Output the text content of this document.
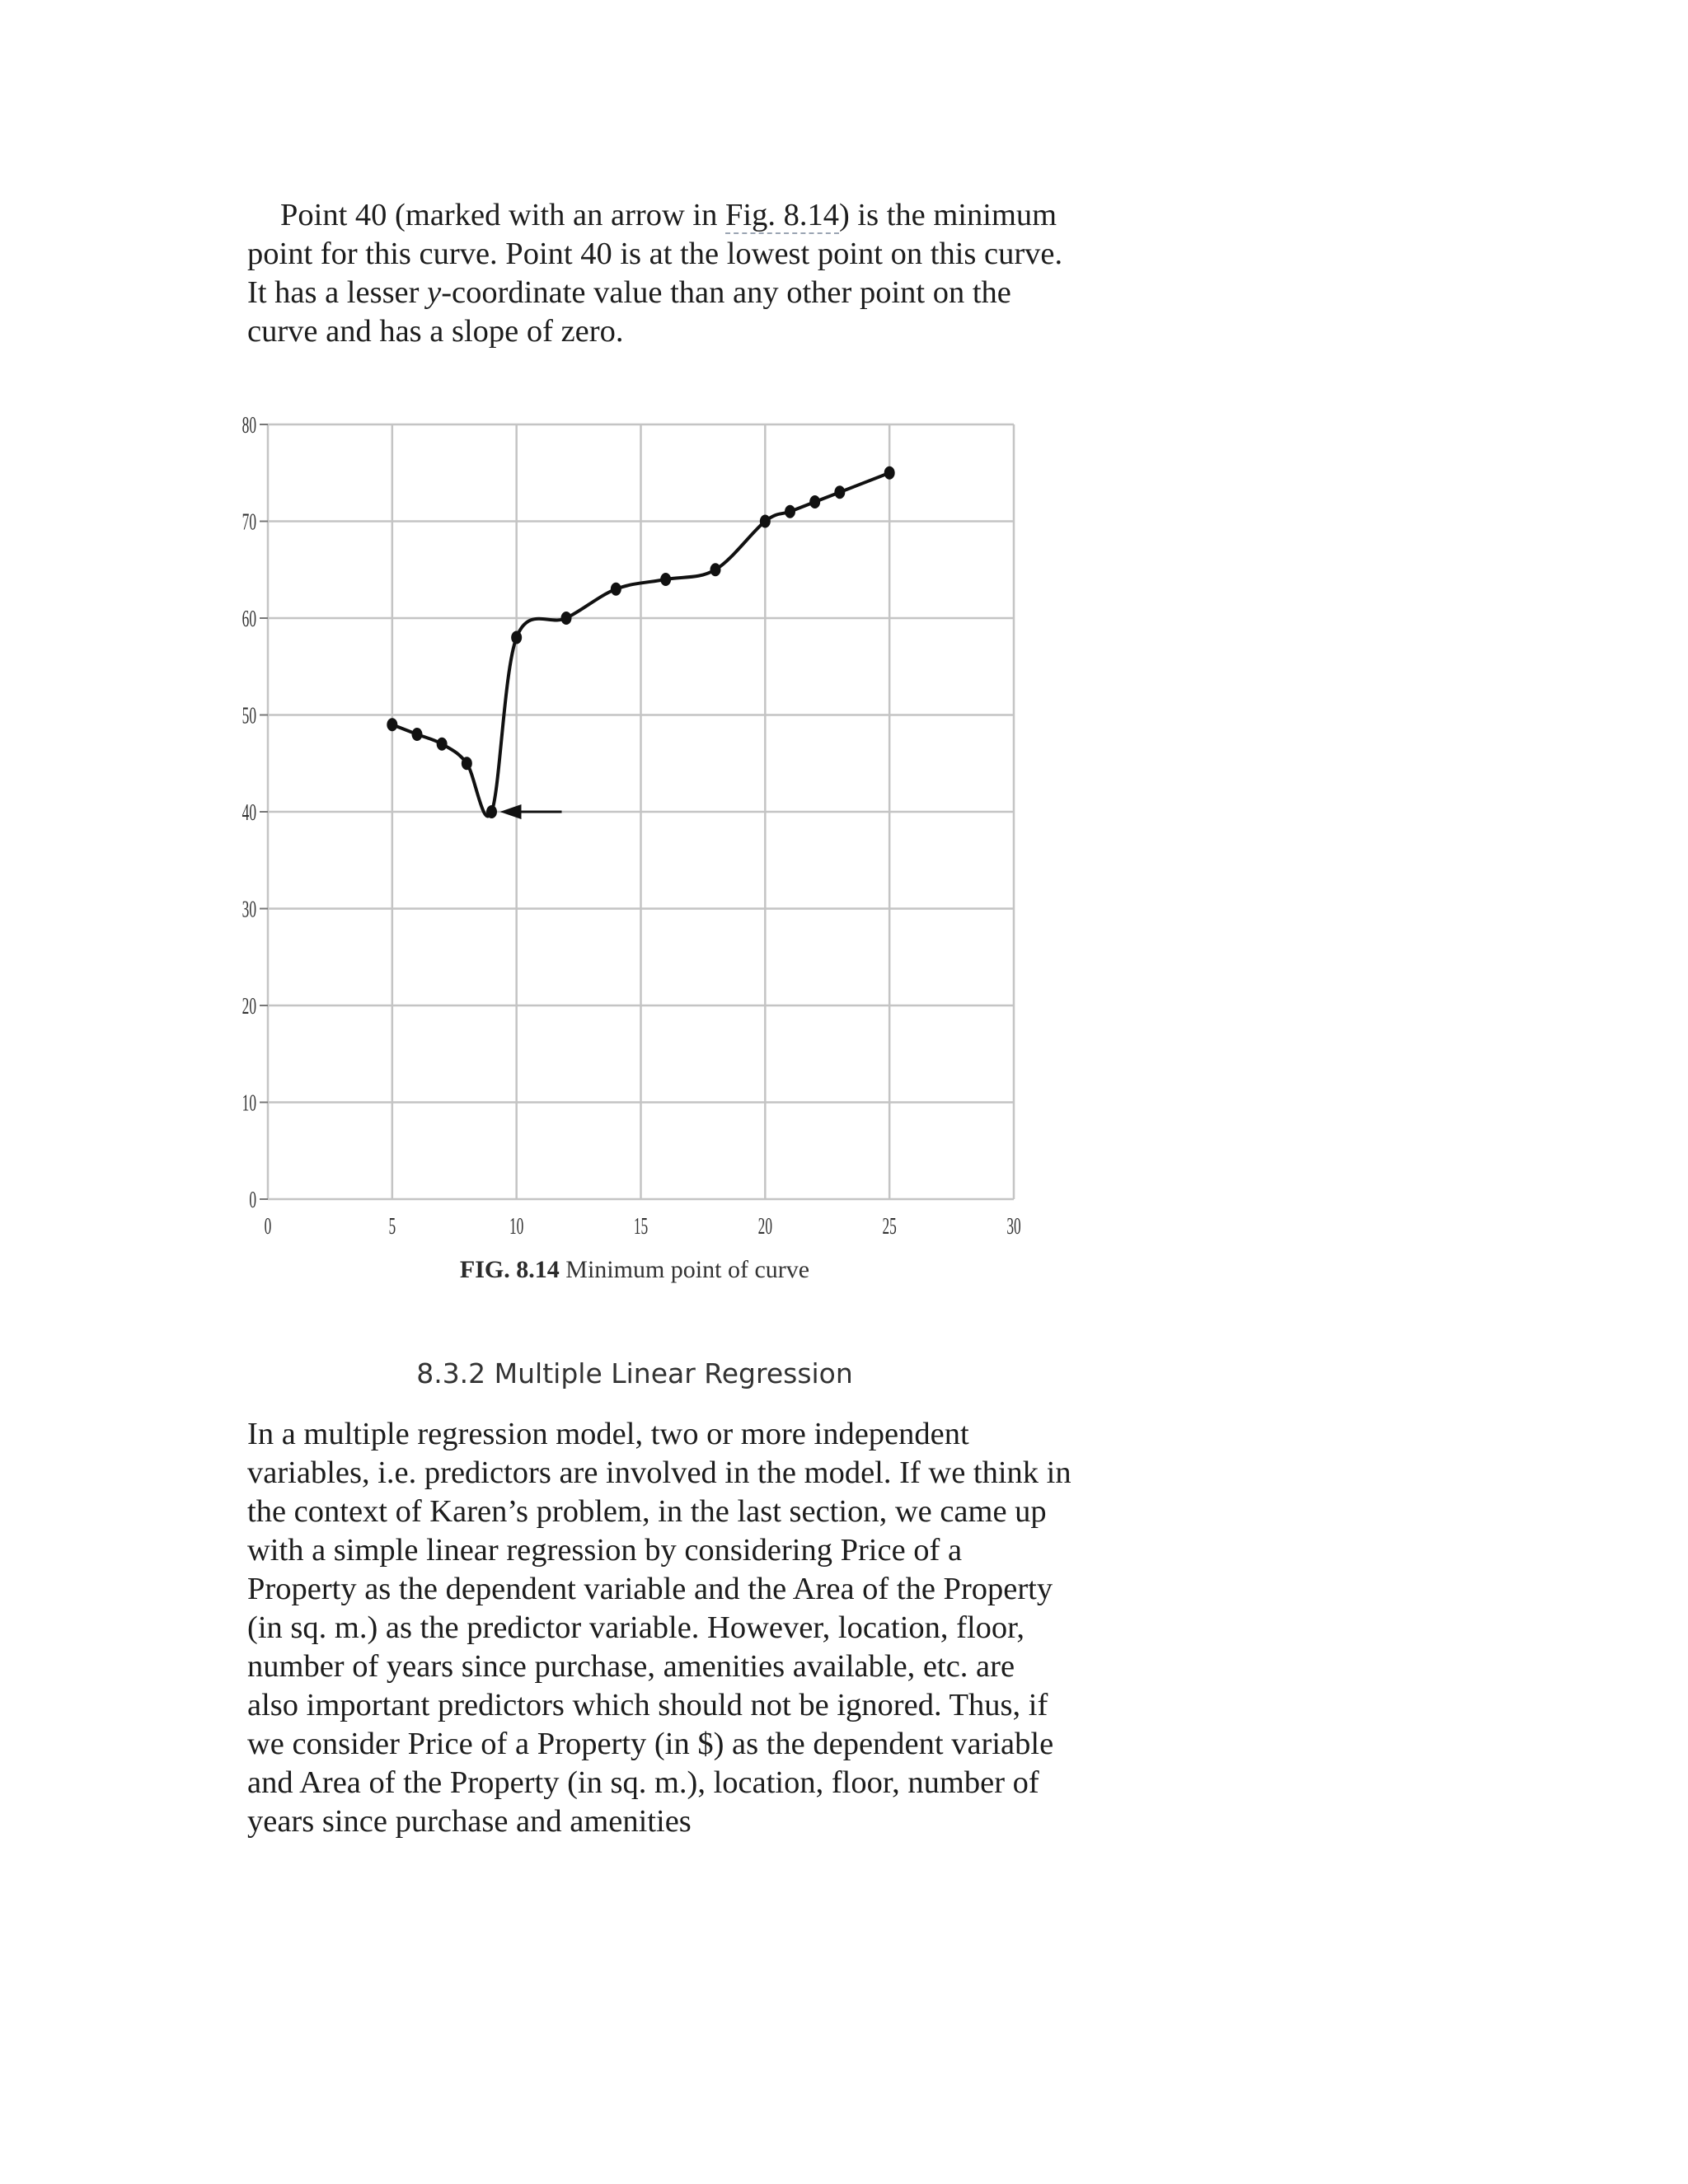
Point 40 (marked with an arrow in Fig. 8.14) is the minimum point for this curve. Point 40 is at the lowest point on this curve. It has a lesser y-coordinate value than any other point on the curve and has a slope of zero.

0	5	10	15	20	25	30
0
10
20
30
40
50
60
70
80
FIG. 8.14 Minimum point of curve
8.3.2 Multiple Linear Regression

In a multiple regression model, two or more independent variables, i.e. predictors are involved in the model. If we think in the context of Karen’s problem, in the last section, we came up with a simple linear regression by considering Price of a Property as the dependent variable and the Area of the Property (in sq. m.) as the predictor variable. However, location, floor, number of years since purchase, amenities available, etc. are also important predictors which should not be ignored. Thus, if we consider Price of a Property (in $) as the dependent variable and Area of the Property (in sq. m.), location, floor, number of years since purchase and amenities
